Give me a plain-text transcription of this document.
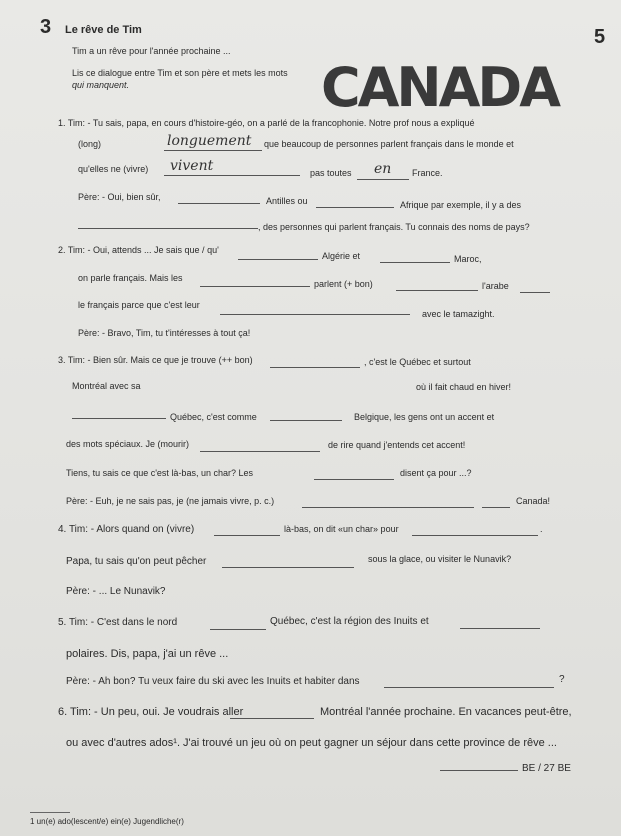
3 Le rêve de Tim	5
Tim a un rêve pour l'année prochaine ...
Lis ce dialogue entre Tim et son père et mets les mots
qui manquent.	CANADA
1. Tim: - Tu sais, papa, en cours d'histoire-géo, on a parlé de la francophonie. Notre prof nous a expliqué
(long)	longuement que beaucoup de personnes parlent français dans le monde et
qu'elles ne (vivre) vivent	pas toutes en France.
Père: - Oui, bien sûr,	Antilles ou	Afrique par exemple, il y a des
, des personnes qui parlent français. Tu connais des noms de pays?
2. Tim: - Oui, attends ... Je sais que / qu'
Algérie et	Maroc,
on parle français. Mais les
parlent (+ bon)	l'arabe
le français parce que c'est leur
avec le tamazight.
Père: - Bravo, Tim, tu t'intéresses à tout ça!
3. Tim: - Bien sûr. Mais ce que je trouve (++ bon)	, c'est le Québec et surtout
Montréal avec sa	où il fait chaud en hiver!
Québec, c'est comme	Belgique, les gens ont un accent et
des mots spéciaux. Je (mourir)	de rire quand j'entends cet accent!
Tiens, tu sais ce que c'est là-bas, un char? Les	disent ça pour ...?
Père: - Euh, je ne sais pas, je (ne jamais vivre, p. c.)	Canada!
4. Tim: - Alors quand on (vivre)	là-bas, on dit «un char» pour	.
Papa, tu sais qu'on peut pêcher	sous la glace, ou visiter le Nunavik?
Père: - ... Le Nunavik?
5. Tim: - C'est dans le nord	Québec, c'est la région des Inuits et
polaires. Dis, papa, j'ai un rêve ...
Père: - Ah bon? Tu veux faire du ski avec les Inuits et habiter dans	?
6. Tim: - Un peu, oui. Je voudrais aller	Montréal l'année prochaine. En vacances peut-être,
ou avec d'autres ados¹. J'ai trouvé un jeu où on peut gagner un séjour dans cette province de rêve ...
BE / 27 BE
1 un(e) ado(lescent/e) ein(e) Jugendliche(r)
